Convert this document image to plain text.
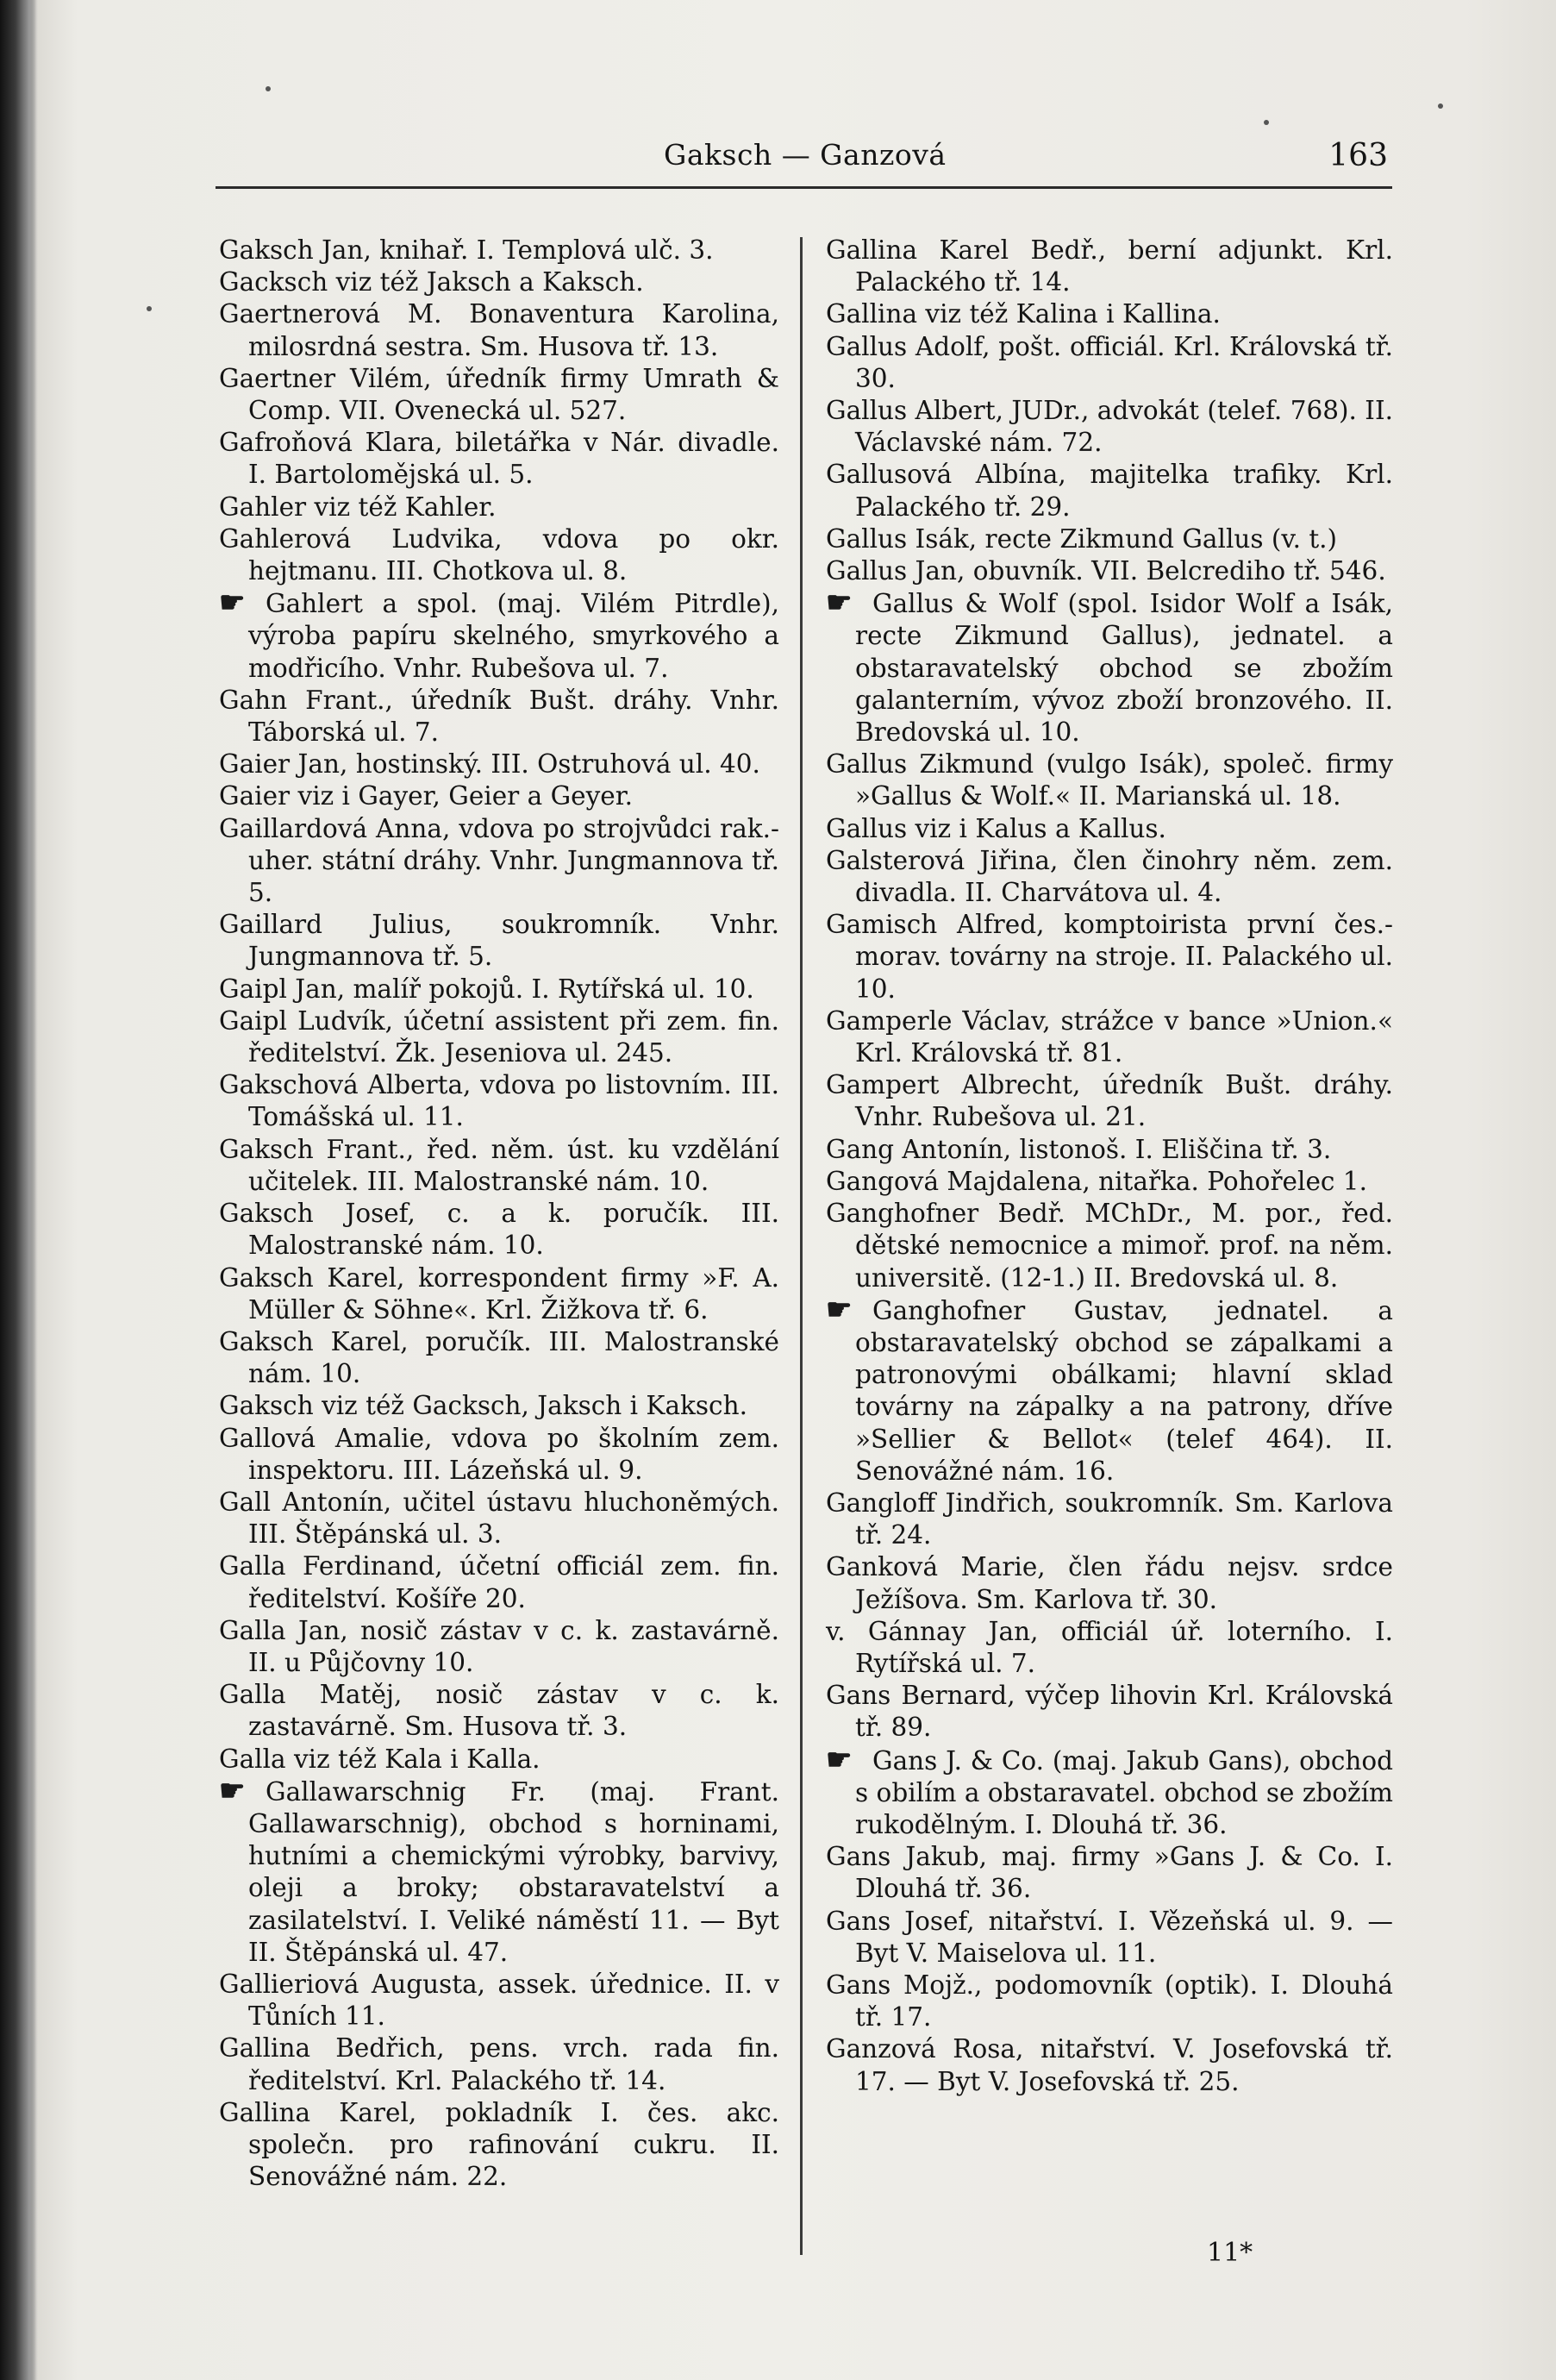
Gaksch — Ganzová	163

Gaksch Jan, knihař. I. Templová ulč. 3.

Gacksch viz též Jaksch a Kaksch.

Gaertnerová M. Bonaventura Karolina, milosrdná sestra. Sm. Husova tř. 13.

Gaertner Vilém, úředník firmy Umrath & Comp. VII. Ovenecká ul. 527.

Gafroňová Klara, biletářka v Nár. divadle. I. Bartolomějská ul. 5.

Gahler viz též Kahler.

Gahlerová Ludvika, vdova po okr. hejtmanu. III. Chotkova ul. 8.

☛ Gahlert a spol. (maj. Vilém Pitrdle), výroba papíru skelného, smyrkového a modřicího. Vnhr. Rubešova ul. 7.

Gahn Frant., úředník Bušt. dráhy. Vnhr. Táborská ul. 7.

Gaier Jan, hostinský. III. Ostruhová ul. 40.

Gaier viz i Gayer, Geier a Geyer.

Gaillardová Anna, vdova po strojvůdci rak.-uher. státní dráhy. Vnhr. Jungmannova tř. 5.

Gaillard Julius, soukromník. Vnhr. Jungmannova tř. 5.

Gaipl Jan, malíř pokojů. I. Rytířská ul. 10.

Gaipl Ludvík, účetní assistent při zem. fin. ředitelství. Žk. Jeseniova ul. 245.

Gakschová Alberta, vdova po listovním. III. Tomášská ul. 11.

Gaksch Frant., řed. něm. úst. ku vzdělání učitelek. III. Malostranské nám. 10.

Gaksch Josef, c. a k. poručík. III. Malostranské nám. 10.

Gaksch Karel, korrespondent firmy »F. A. Müller & Söhne«. Krl. Žižkova tř. 6.

Gaksch Karel, poručík. III. Malostranské nám. 10.

Gaksch viz též Gacksch, Jaksch i Kaksch.

Gallová Amalie, vdova po školním zem. inspektoru. III. Lázeňská ul. 9.

Gall Antonín, učitel ústavu hluchoněmých. III. Štěpánská ul. 3.

Galla Ferdinand, účetní officiál zem. fin. ředitelství. Košíře 20.

Galla Jan, nosič zástav v c. k. zastavárně. II. u Půjčovny 10.

Galla Matěj, nosič zástav v c. k. zastavárně. Sm. Husova tř. 3.

Galla viz též Kala i Kalla.

☛ Gallawarschnig Fr. (maj. Frant. Gallawarschnig), obchod s horninami, hutními a chemickými výrobky, barvivy, oleji a broky; obstaravatelství a zasilatelství. I. Veliké náměstí 11. — Byt II. Štěpánská ul. 47.

Gallieriová Augusta, assek. úřednice. II. v Tůních 11.

Gallina Bedřich, pens. vrch. rada fin. ředitelství. Krl. Palackého tř. 14.

Gallina Karel, pokladník I. čes. akc. společn. pro rafinování cukru. II. Senovážné nám. 22.

Gallina Karel Bedř., berní adjunkt. Krl. Palackého tř. 14.

Gallina viz též Kalina i Kallina.

Gallus Adolf, pošt. officiál. Krl. Královská tř. 30.

Gallus Albert, JUDr., advokát (telef. 768). II. Václavské nám. 72.

Gallusová Albína, majitelka trafiky. Krl. Palackého tř. 29.

Gallus Isák, recte Zikmund Gallus (v. t.)

Gallus Jan, obuvník. VII. Belcrediho tř. 546.

☛ Gallus & Wolf (spol. Isidor Wolf a Isák, recte Zikmund Gallus), jednatel. a obstaravatelský obchod se zbožím galanterním, vývoz zboží bronzového. II. Bredovská ul. 10.

Gallus Zikmund (vulgo Isák), společ. firmy »Gallus & Wolf.« II. Marianská ul. 18.

Gallus viz i Kalus a Kallus.

Galsterová Jiřina, člen činohry něm. zem. divadla. II. Charvátova ul. 4.

Gamisch Alfred, komptoirista první čes.-morav. továrny na stroje. II. Palackého ul. 10.

Gamperle Václav, strážce v bance »Union.« Krl. Královská tř. 81.

Gampert Albrecht, úředník Bušt. dráhy. Vnhr. Rubešova ul. 21.

Gang Antonín, listonoš. I. Eliščina tř. 3.

Gangová Majdalena, nitařka. Pohořelec 1.

Ganghofner Bedř. MChDr., M. por., řed. dětské nemocnice a mimoř. prof. na něm. universitě. (12-1.) II. Bredovská ul. 8.

☛ Ganghofner Gustav, jednatel. a obstaravatelský obchod se zápalkami a patronovými obálkami; hlavní sklad továrny na zápalky a na patrony, dříve »Sellier & Bellot« (telef 464). II. Senovážné nám. 16.

Gangloff Jindřich, soukromník. Sm. Karlova tř. 24.

Ganková Marie, člen řádu nejsv. srdce Ježíšova. Sm. Karlova tř. 30.

v. Gánnay Jan, officiál úř. loterního. I. Rytířská ul. 7.

Gans Bernard, výčep lihovin Krl. Královská tř. 89.

☛ Gans J. & Co. (maj. Jakub Gans), obchod s obilím a obstaravatel. obchod se zbožím rukodělným. I. Dlouhá tř. 36.

Gans Jakub, maj. firmy »Gans J. & Co. I. Dlouhá tř. 36.

Gans Josef, nitařství. I. Vězeňská ul. 9. — Byt V. Maiselova ul. 11.

Gans Mojž., podomovník (optik). I. Dlouhá tř. 17.

Ganzová Rosa, nitařství. V. Josefovská tř. 17. — Byt V. Josefovská tř. 25.

11*
